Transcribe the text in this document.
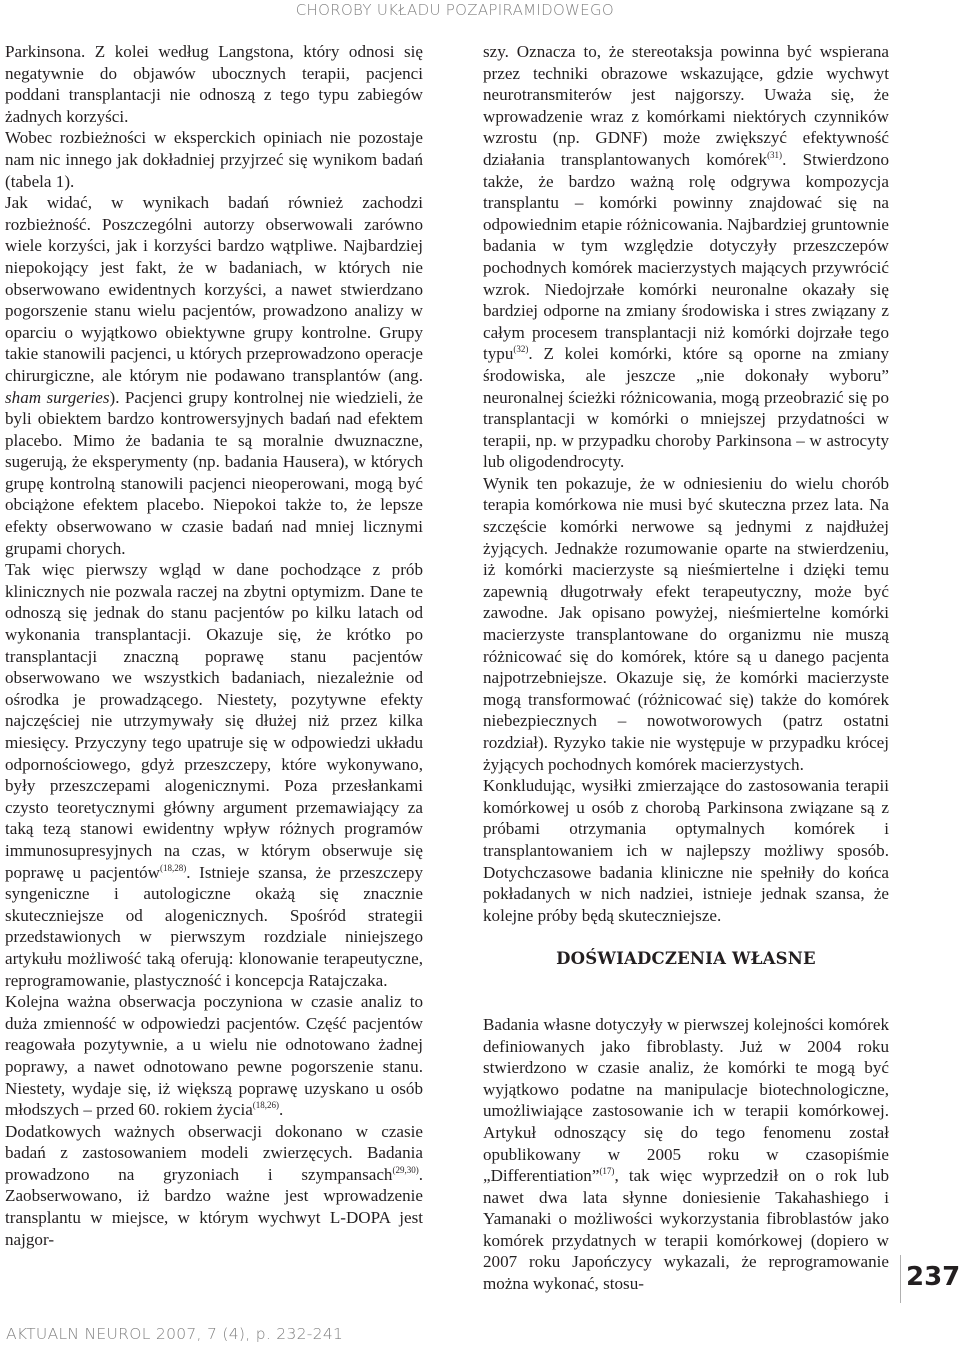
CHOROBY UKŁADU POZAPIRAMIDOWEGO

Parkinsona. Z kolei według Langstona, który odnosi się negatywnie do objawów ubocznych terapii, pacjenci poddani transplantacji nie odnoszą z tego typu zabiegów żadnych korzyści.

Wobec rozbieżności w eksperckich opiniach nie pozostaje nam nic innego jak dokładniej przyjrzeć się wynikom badań (tabela 1).

Jak widać, w wynikach badań również zachodzi rozbieżność. Poszczególni autorzy obserwowali zarówno wiele korzyści, jak i korzyści bardzo wątpliwe. Najbardziej niepokojący jest fakt, że w badaniach, w których nie obserwowano ewidentnych korzyści, a nawet stwierdzano pogorszenie stanu wielu pacjentów, prowadzono analizy w oparciu o wyjątkowo obiektywne grupy kontrolne. Grupy takie stanowili pacjenci, u których przeprowadzono operacje chirurgiczne, ale którym nie podawano transplantów (ang. sham surgeries). Pacjenci grupy kontrolnej nie wiedzieli, że byli obiektem bardzo kontrowersyjnych badań nad efektem placebo. Mimo że badania te są moralnie dwuznaczne, sugerują, że eksperymenty (np. badania Hausera), w których grupę kontrolną stanowili pacjenci nieoperowani, mogą być obciążone efektem placebo. Niepokoi także to, że lepsze efekty obserwowano w czasie badań nad mniej licznymi grupami chorych.

Tak więc pierwszy wgląd w dane pochodzące z prób klinicznych nie pozwala raczej na zbytni optymizm. Dane te odnoszą się jednak do stanu pacjentów po kilku latach od wykonania transplantacji. Okazuje się, że krótko po transplantacji znaczną poprawę stanu pacjentów obserwowano we wszystkich badaniach, niezależnie od ośrodka je prowadzącego. Niestety, pozytywne efekty najczęściej nie utrzymywały się dłużej niż przez kilka miesięcy. Przyczyny tego upatruje się w odpowiedzi układu odpornościowego, gdyż przeszczepy, które wykonywano, były przeszczepami alogenicznymi. Poza przesłankami czysto teoretycznymi główny argument przemawiający za taką tezą stanowi ewidentny wpływ różnych programów immunosupresyjnych na czas, w którym obserwuje się poprawę u pacjentów$^{(18,28)}$. Istnieje szansa, że przeszczepy syngeniczne i autologiczne okażą się znacznie skuteczniejsze od alogenicznych. Spośród strategii przedstawionych w pierwszym rozdziale niniejszego artykułu możliwość taką oferują: klonowanie terapeutyczne, reprogramowanie, plastyczność i koncepcja Ratajczaka.

Kolejna ważna obserwacja poczyniona w czasie analiz to duża zmienność w odpowiedzi pacjentów. Część pacjentów reagowała pozytywnie, a u wielu nie odnotowano żadnej poprawy, a nawet odnotowano pewne pogorszenie stanu. Niestety, wydaje się, iż większą poprawę uzyskano u osób młodszych – przed 60. rokiem życia$^{(18,26)}$.

Dodatkowych ważnych obserwacji dokonano w czasie badań z zastosowaniem modeli zwierzęcych. Badania prowadzono na gryzoniach i szympansach$^{(29,30)}$. Zaobserwowano, iż bardzo ważne jest wprowadzenie transplantu w miejsce, w którym wychwyt L-DOPA jest najgor-

szy. Oznacza to, że stereotaksja powinna być wspierana przez techniki obrazowe wskazujące, gdzie wychwyt neurotransmiterów jest najgorszy. Uważa się, że wprowadzenie wraz z komórkami niektórych czynników wzrostu (np. GDNF) może zwiększyć efektywność działania transplantowanych komórek$^{(31)}$. Stwierdzono także, że bardzo ważną rolę odgrywa kompozycja transplantu – komórki powinny znajdować się na odpowiednim etapie różnicowania. Najbardziej gruntownie badania w tym względzie dotyczyły przeszczepów pochodnych komórek macierzystych mających przywrócić wzrok. Niedojrzałe komórki neuronalne okazały się bardziej odporne na zmiany środowiska i stres związany z całym procesem transplantacji niż komórki dojrzałe tego typu$^{(32)}$. Z kolei komórki, które są oporne na zmiany środowiska, ale jeszcze „nie dokonały wyboru” neuronalnej ścieżki różnicowania, mogą przeobrazić się po transplantacji w komórki o mniejszej przydatności w terapii, np. w przypadku choroby Parkinsona – w astrocyty lub oligodendrocyty.

Wynik ten pokazuje, że w odniesieniu do wielu chorób terapia komórkowa nie musi być skuteczna przez lata. Na szczęście komórki nerwowe są jednymi z najdłużej żyjących. Jednakże rozumowanie oparte na stwierdzeniu, iż komórki macierzyste są nieśmiertelne i dzięki temu zapewnią długotrwały efekt terapeutyczny, może być zawodne. Jak opisano powyżej, nieśmiertelne komórki macierzyste transplantowane do organizmu nie muszą różnicować się do komórek, które są u danego pacjenta najpotrzebniejsze. Okazuje się, że komórki macierzyste mogą transformować (różnicować się) także do komórek niebezpiecznych – nowotworowych (patrz ostatni rozdział). Ryzyko takie nie występuje w przypadku krócej żyjących pochodnych komórek macierzystych.

Konkludując, wysiłki zmierzające do zastosowania terapii komórkowej u osób z chorobą Parkinsona związane są z próbami otrzymania optymalnych komórek i transplantowaniem ich w najlepszy możliwy sposób. Dotychczasowe badania kliniczne nie spełniły do końca pokładanych w nich nadziei, istnieje jednak szansa, że kolejne próby będą skuteczniejsze.

DOŚWIADCZENIA WŁASNE

Badania własne dotyczyły w pierwszej kolejności komórek definiowanych jako fibroblasty. Już w 2004 roku stwierdzono w czasie analiz, że komórki te mogą być wyjątkowo podatne na manipulacje biotechnologiczne, umożliwiające zastosowanie ich w terapii komórkowej. Artykuł odnoszący się do tego fenomenu został opublikowany w 2005 roku w czasopiśmie „Differentiation”$^{(17)}$, tak więc wyprzedził on o rok lub nawet dwa lata słynne doniesienie Takahashiego i Yamanaki o możliwości wykorzystania fibroblastów jako komórek przydatnych w terapii komórkowej (dopiero w 2007 roku Japończycy wykazali, że reprogramowanie można wykonać, stosu-	237
AKTUALN NEUROL 2007, 7 (4), p. 232-241
